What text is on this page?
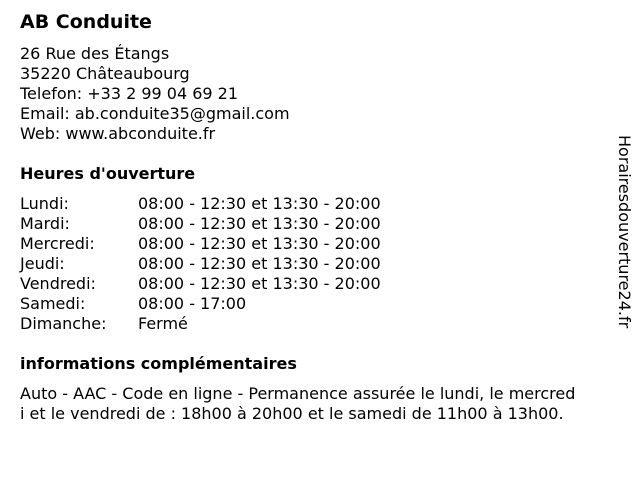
AB Conduite
26 Rue des Étangs
35220 Châteaubourg
Telefon: +33 2 99 04 69 21
Email: ab.conduite35@gmail.com
Web: www.abconduite.fr
Heures d'ouverture
Lundi:	08:00 - 12:30 et 13:30 - 20:00
Mardi:	08:00 - 12:30 et 13:30 - 20:00
Mercredi:	08:00 - 12:30 et 13:30 - 20:00
Jeudi:	08:00 - 12:30 et 13:30 - 20:00
Vendredi:	08:00 - 12:30 et 13:30 - 20:00
Samedi:	08:00 - 17:00
Dimanche: Fermé
informations complémentaires
Auto - AAC - Code en ligne - Permanence assurée le lundi, le mercred
i et le vendredi de : 18h00 à 20h00 et le samedi de 11h00 à 13h00.
Horairesdouverture24.fr
